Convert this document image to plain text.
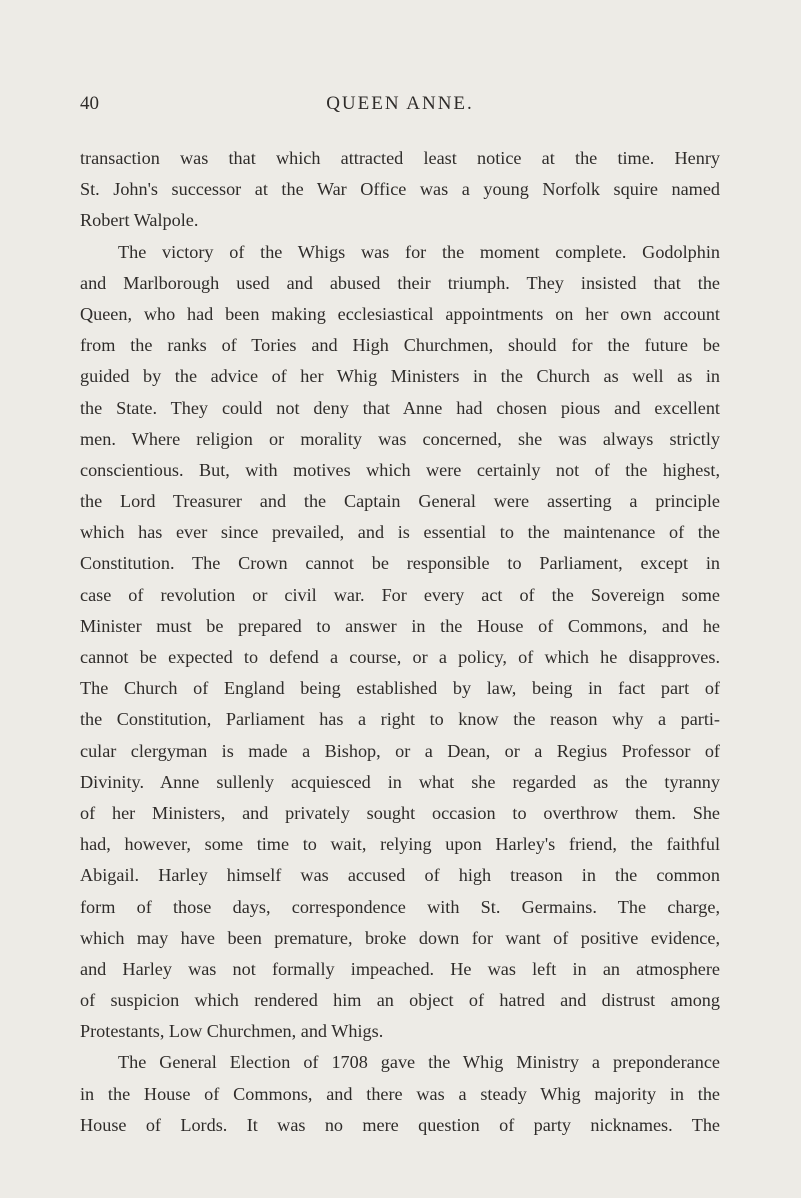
40	QUEEN ANNE.
transaction was that which attracted least notice at the time. Henry
St. John's successor at the War Office was a young Norfolk squire named
Robert Walpole.
The victory of the Whigs was for the moment complete. Godolphin
and Marlborough used and abused their triumph. They insisted that the
Queen, who had been making ecclesiastical appointments on her own account
from the ranks of Tories and High Churchmen, should for the future be
guided by the advice of her Whig Ministers in the Church as well as in
the State. They could not deny that Anne had chosen pious and excellent
men. Where religion or morality was concerned, she was always strictly
conscientious. But, with motives which were certainly not of the highest,
the Lord Treasurer and the Captain General were asserting a principle
which has ever since prevailed, and is essential to the maintenance of the
Constitution. The Crown cannot be responsible to Parliament, except in
case of revolution or civil war. For every act of the Sovereign some
Minister must be prepared to answer in the House of Commons, and he
cannot be expected to defend a course, or a policy, of which he disapproves.
The Church of England being established by law, being in fact part of
the Constitution, Parliament has a right to know the reason why a parti-
cular clergyman is made a Bishop, or a Dean, or a Regius Professor of
Divinity. Anne sullenly acquiesced in what she regarded as the tyranny
of her Ministers, and privately sought occasion to overthrow them. She
had, however, some time to wait, relying upon Harley's friend, the faithful
Abigail. Harley himself was accused of high treason in the common
form of those days, correspondence with St. Germains. The charge,
which may have been premature, broke down for want of positive evidence,
and Harley was not formally impeached. He was left in an atmosphere
of suspicion which rendered him an object of hatred and distrust among
Protestants, Low Churchmen, and Whigs.
The General Election of 1708 gave the Whig Ministry a preponderance
in the House of Commons, and there was a steady Whig majority in the
House of Lords. It was no mere question of party nicknames. The
